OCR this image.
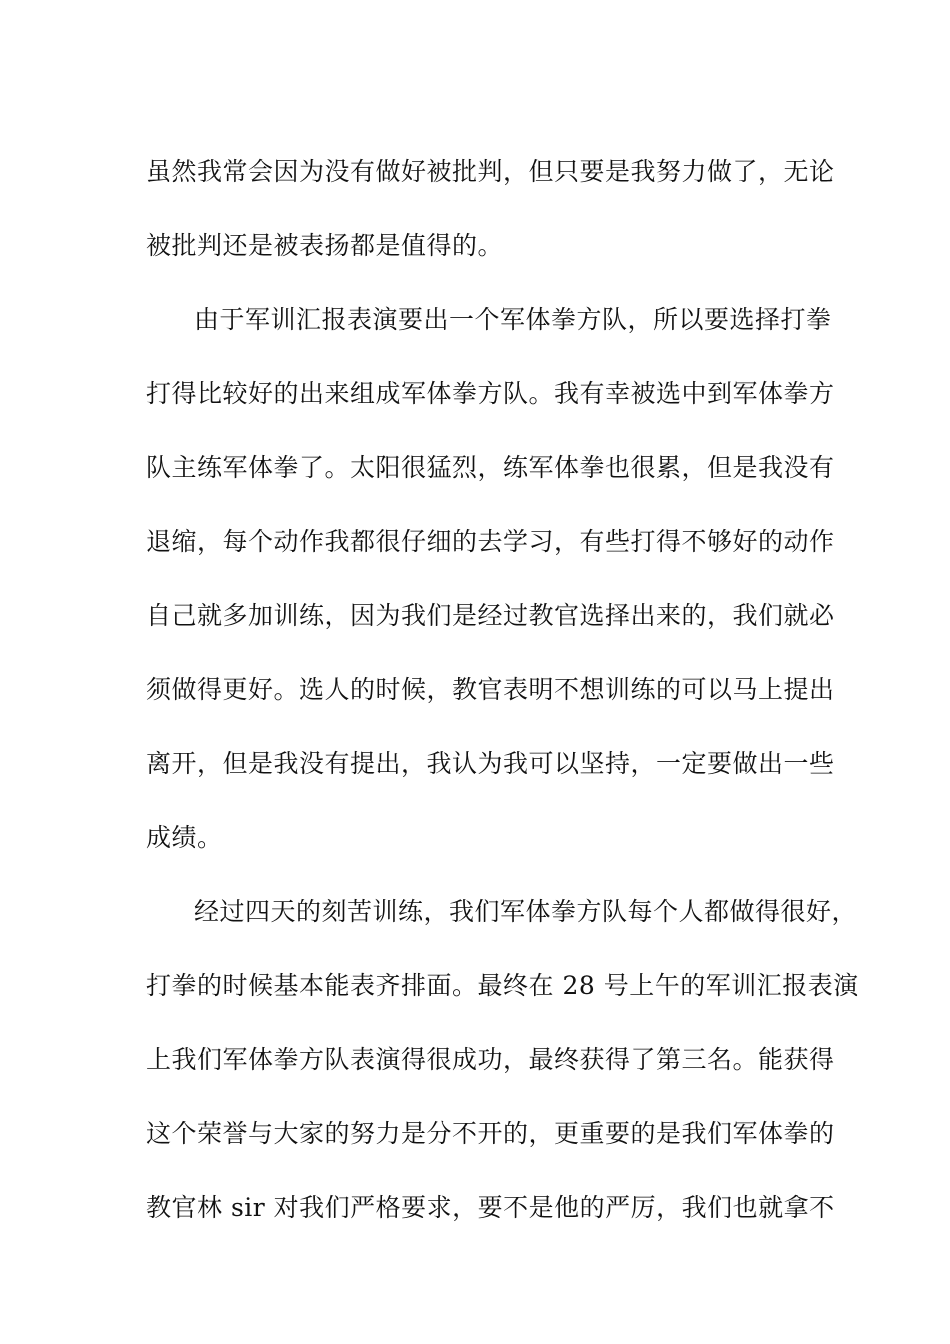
虽然我常会因为没有做好被批判，但只要是我努力做了，无论
被批判还是被表扬都是值得的。
由于军训汇报表演要出一个军体拳方队，所以要选择打拳
打得比较好的出来组成军体拳方队。我有幸被选中到军体拳方
队主练军体拳了。太阳很猛烈，练军体拳也很累，但是我没有
退缩，每个动作我都很仔细的去学习，有些打得不够好的动作
自己就多加训练，因为我们是经过教官选择出来的，我们就必
须做得更好。选人的时候，教官表明不想训练的可以马上提出
离开，但是我没有提出，我认为我可以坚持，一定要做出一些
成绩。
经过四天的刻苦训练，我们军体拳方队每个人都做得很好，
打拳的时候基本能表齐排面。最终在 28 号上午的军训汇报表演
上我们军体拳方队表演得很成功，最终获得了第三名。能获得
这个荣誉与大家的努力是分不开的，更重要的是我们军体拳的
教官林 sir 对我们严格要求，要不是他的严厉，我们也就拿不
